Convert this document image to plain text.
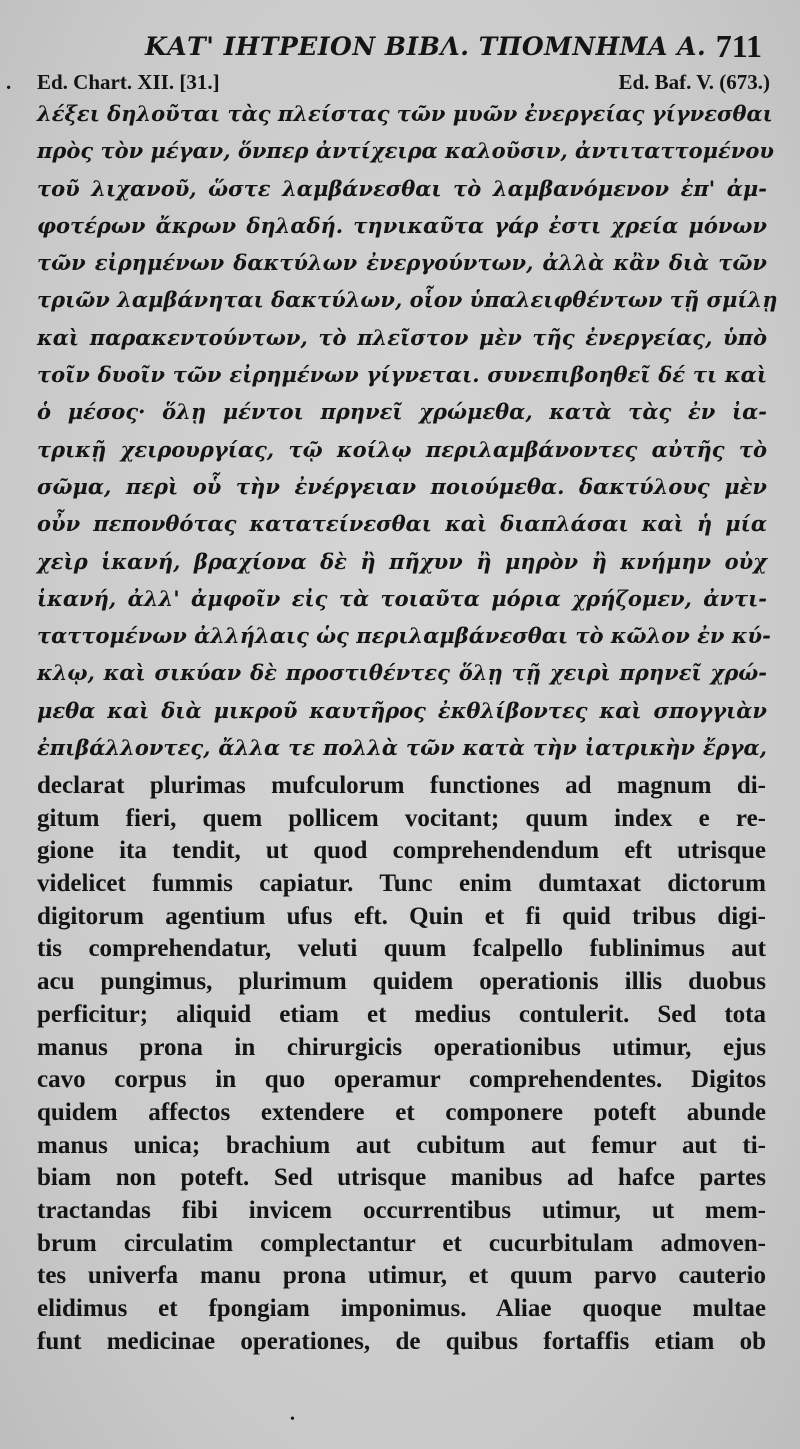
ΚΑΤ' ΙΗΤΡΕΙΟΝ ΒΙΒΛ. ΤΠΟΜΝΗΜΑ Α. 711
. Ed. Chart. XII. [31.]	Ed. Baf. V. (673.)
λέξει δηλοῦται τὰς πλείστας τῶν μυῶν ἐνεργείας γίγνεσθαι
πρὸς τὸν μέγαν, ὅνπερ ἀντίχειρα καλοῦσιν, ἀντιταττομένου
τοῦ λιχανοῦ, ὥστε λαμβάνεσθαι τὸ λαμβανόμενον ἐπ' ἀμ-
φοτέρων ἄκρων δηλαδή. τηνικαῦτα γάρ ἐστι χρεία μόνων
τῶν εἰρημένων δακτύλων ἐνεργούντων, ἀλλὰ κἂν διὰ τῶν
τριῶν λαμβάνηται δακτύλων, οἷον ὑπαλειφθέντων τῇ σμίλῃ
καὶ παρακεντούντων, τὸ πλεῖστον μὲν τῆς ἐνεργείας, ὑπὸ
τοῖν δυοῖν τῶν εἰρημένων γίγνεται. συνεπιβοηθεῖ δέ τι καὶ
ὁ μέσος· ὅλῃ μέντοι πρηνεῖ χρώμεθα, κατὰ τὰς ἐν ἰα-
τρικῇ χειρουργίας, τῷ κοίλῳ περιλαμβάνοντες αὐτῆς τὸ
σῶμα, περὶ οὗ τὴν ἐνέργειαν ποιούμεθα. δακτύλους μὲν
οὖν πεπονθότας κατατείνεσθαι καὶ διαπλάσαι καὶ ἡ μία
χεὶρ ἱκανή, βραχίονα δὲ ἢ πῆχυν ἢ μηρὸν ἢ κνήμην οὐχ
ἱκανή, ἀλλ' ἀμφοῖν εἰς τὰ τοιαῦτα μόρια χρήζομεν, ἀντι-
ταττομένων ἀλλήλαις ὡς περιλαμβάνεσθαι τὸ κῶλον ἐν κύ-
κλῳ, καὶ σικύαν δὲ προστιθέντες ὅλῃ τῇ χειρὶ πρηνεῖ χρώ-
μεθα καὶ διὰ μικροῦ καυτῆρος ἐκθλίβοντες καὶ σπογγιὰν
ἐπιβάλλοντες, ἄλλα τε πολλὰ τῶν κατὰ τὴν ἰατρικὴν ἔργα,
declarat plurimas mufculorum functiones ad magnum di-
gitum fieri, quem pollicem vocitant; quum index e re-
gione ita tendit, ut quod comprehendendum eft utrisque
videlicet fummis capiatur. Tunc enim dumtaxat dictorum
digitorum agentium ufus eft. Quin et fi quid tribus digi-
tis comprehendatur, veluti quum fcalpello fublinimus aut
acu pungimus, plurimum quidem operationis illis duobus
perficitur; aliquid etiam et medius contulerit. Sed tota
manus prona in chirurgicis operationibus utimur, ejus
cavo corpus in quo operamur comprehendentes. Digitos
quidem affectos extendere et componere poteft abunde
manus unica; brachium aut cubitum aut femur aut ti-
biam non poteft. Sed utrisque manibus ad hafce partes
tractandas fibi invicem occurrentibus utimur, ut mem-
brum circulatim complectantur et cucurbitulam admoven-
tes univerfa manu prona utimur, et quum parvo cauterio
elidimus et fpongiam imponimus. Aliae quoque multae
funt medicinae operationes, de quibus fortaffis etiam ob
•
